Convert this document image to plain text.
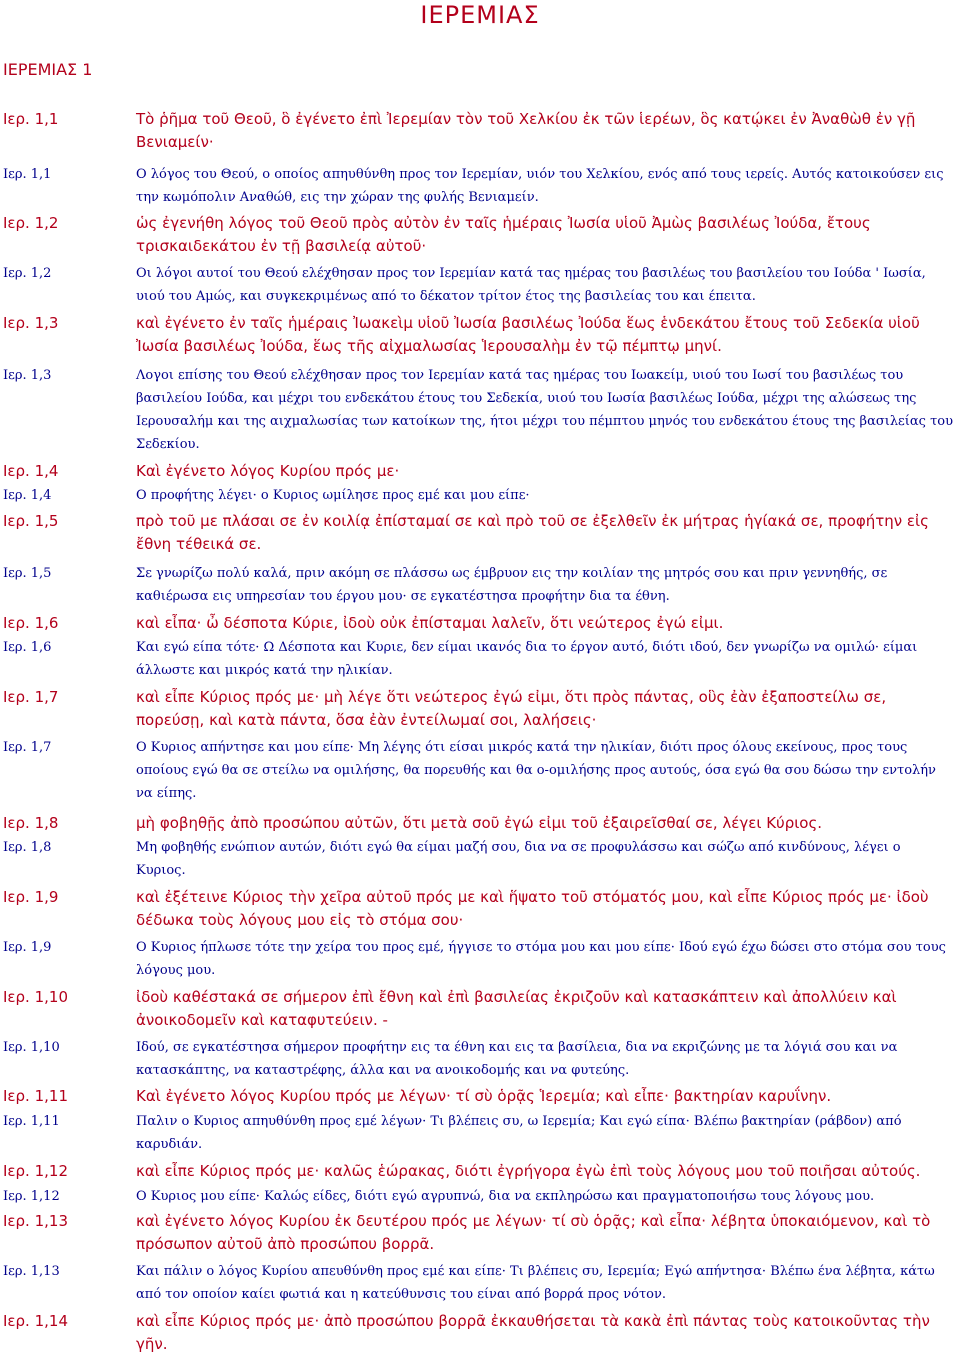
ΙΕΡΕΜΙΑΣ
ΙΕΡΕΜΙΑΣ 1
Ιερ. 1,1	Τὸ ῥῆμα τοῦ Θεοῦ, ὃ ἐγένετο ἐπὶ Ἰερεμίαν τὸν τοῦ Χελκίου ἐκ τῶν ἱερέων, ὃς κατῴκει ἐν Ἀναθὼθ ἐν γῇ Βενιαμείν·
Ιερ. 1,1	Ο λόγος του Θεού, ο οποίος απηυθύνθη προς τον Ιερεμίαν, υιόν του Χελκίου, ενός από τους ιερείς. Αυτός κατοικούσεν εις την κωμόπολιν Αναθώθ, εις την χώραν της φυλής Βενιαμείν.
Ιερ. 1,2	ὡς ἐγενήθη λόγος τοῦ Θεοῦ πρὸς αὐτὸν ἐν ταῖς ἡμέραις Ἰωσία υἱοῦ Ἀμὼς βασιλέως Ἰούδα, ἔτους τρισκαιδεκάτου ἐν τῇ βασιλείᾳ αὐτοῦ·
Ιερ. 1,2	Οι λόγοι αυτοί του Θεού ελέχθησαν προς τον Ιερεμίαν κατά τας ημέρας του βασιλέως του βασιλείου του Ιούδα ' Ιωσία, υιού του Αμώς, και συγκεκριμένως από το δέκατον τρίτον έτος της βασιλείας του και έπειτα.
Ιερ. 1,3	καὶ ἐγένετο ἐν ταῖς ἡμέραις Ἰωακεὶμ υἱοῦ Ἰωσία βασιλέως Ἰούδα ἕως ἑνδεκάτου ἔτους τοῦ Σεδεκία υἱοῦ Ἰωσία βασιλέως Ἰούδα, ἕως τῆς αἰχμαλωσίας Ἱερουσαλὴμ ἐν τῷ πέμπτῳ μηνί.
Ιερ. 1,3	Λογοι επίσης του Θεού ελέχθησαν προς τον Ιερεμίαν κατά τας ημέρας του Ιωακείμ, υιού του Ιωσί του βασιλέως του βασιλείου Ιούδα, και μέχρι του ενδεκάτου έτους του Σεδεκία, υιού του Ιωσία βασιλέως Ιούδα, μέχρι της αλώσεως της Ιερουσαλήμ και της αιχμαλωσίας των κατοίκων της, ήτοι μέχρι του πέμπτου μηνός του ενδεκάτου έτους της βασιλείας του Σεδεκίου.
Ιερ. 1,4	Καὶ ἐγένετο λόγος Κυρίου πρός με·
Ιερ. 1,4	Ο προφήτης λέγει· ο Κυριος ωμίλησε προς εμέ και μου είπε·
Ιερ. 1,5	πρὸ τοῦ με πλάσαι σε ἐν κοιλίᾳ ἐπίσταμαί σε καὶ πρὸ τοῦ σε ἐξελθεῖν ἐκ μήτρας ἡγίακά σε, προφήτην εἰς ἔθνη τέθεικά σε.
Ιερ. 1,5	Σε γνωρίζω πολύ καλά, πριν ακόμη σε πλάσσω ως έμβρυον εις την κοιλίαν της μητρός σου και πριν γεννηθής, σε καθιέρωσα εις υπηρεσίαν του έργου μου· σε εγκατέστησα προφήτην δια τα έθνη.
Ιερ. 1,6	καὶ εἶπα· ὦ δέσποτα Κύριε, ἰδοὺ οὐκ ἐπίσταμαι λαλεῖν, ὅτι νεώτερος ἐγώ εἰμι.
Ιερ. 1,6	Και εγώ είπα τότε· Ω Δέσποτα και Κυριε, δεν είμαι ικανός δια το έργον αυτό, διότι ιδού, δεν γνωρίζω να ομιλώ· είμαι άλλωστε και μικρός κατά την ηλικίαν.
Ιερ. 1,7	καὶ εἶπε Κύριος πρός με· μὴ λέγε ὅτι νεώτερος ἐγώ εἰμι, ὅτι πρὸς πάντας, οὓς ἐὰν ἐξαποστείλω σε, πορεύσῃ, καὶ κατὰ πάντα, ὅσα ἐὰν ἐντείλωμαί σοι, λαλήσεις·
Ιερ. 1,7	Ο Κυριος απήντησε και μου είπε· Μη λέγης ότι είσαι μικρός κατά την ηλικίαν, διότι προς όλους εκείνους, προς τους οποίους εγώ θα σε στείλω να ομιλήσης, θα πορευθής και θα ο-ομιλήσης προς αυτούς, όσα εγώ θα σου δώσω την εντολήν να είπης.
Ιερ. 1,8	μὴ φοβηθῇς ἀπὸ προσώπου αὐτῶν, ὅτι μετὰ σοῦ ἐγώ εἰμι τοῦ ἐξαιρεῖσθαί σε, λέγει Κύριος.
Ιερ. 1,8	Μη φοβηθής ενώπιον αυτών, διότι εγώ θα είμαι μαζή σου, δια να σε προφυλάσσω και σώζω από κινδύνους, λέγει ο Κυριος.
Ιερ. 1,9	καὶ ἐξέτεινε Κύριος τὴν χεῖρα αὐτοῦ πρός με καὶ ἥψατο τοῦ στόματός μου, καὶ εἶπε Κύριος πρός με· ἰδοὺ δέδωκα τοὺς λόγους μου εἰς τὸ στόμα σου·
Ιερ. 1,9	Ο Κυριος ήπλωσε τότε την χείρα του προς εμέ, ήγγισε το στόμα μου και μου είπε· Ιδού εγώ έχω δώσει στο στόμα σου τους λόγους μου.
Ιερ. 1,10	ἰδοὺ καθέστακά σε σήμερον ἐπὶ ἔθνη καὶ ἐπὶ βασιλείας ἐκριζοῦν καὶ κατασκάπτειν καὶ ἀπολλύειν καὶ ἀνοικοδομεῖν καὶ καταφυτεύειν. -
Ιερ. 1,10	Ιδού, σε εγκατέστησα σήμερον προφήτην εις τα έθνη και εις τα βασίλεια, δια να εκριζώνης με τα λόγιά σου και να κατασκάπτης, να καταστρέφης, άλλα και να ανοικοδομής και να φυτεύης.
Ιερ. 1,11	Καὶ ἐγένετο λόγος Κυρίου πρός με λέγων· τί σὺ ὁρᾷς Ἱερεμία; καὶ εἶπε· βακτηρίαν καρυΐνην.
Ιερ. 1,11	Παλιν ο Κυριος απηυθύνθη προς εμέ λέγων· Τι βλέπεις συ, ω Ιερεμία; Και εγώ είπα· Βλέπω βακτηρίαν (ράβδον) από καρυδιάν.
Ιερ. 1,12	καὶ εἶπε Κύριος πρός με· καλῶς ἑώρακας, διότι ἐγρήγορα ἐγὼ ἐπὶ τοὺς λόγους μου τοῦ ποιῆσαι αὐτούς.
Ιερ. 1,12	Ο Κυριος μου είπε· Καλώς είδες, διότι εγώ αγρυπνώ, δια να εκπληρώσω και πραγματοποιήσω τους λόγους μου.
Ιερ. 1,13	καὶ ἐγένετο λόγος Κυρίου ἐκ δευτέρου πρός με λέγων· τί σὺ ὁρᾷς; καὶ εἶπα· λέβητα ὑποκαιόμενον, καὶ τὸ πρόσωπον αὐτοῦ ἀπὸ προσώπου βορρᾶ.
Ιερ. 1,13	Και πάλιν ο λόγος Κυρίου απευθύνθη προς εμέ και είπε· Τι βλέπεις συ, Ιερεμία; Εγώ απήντησα· Βλέπω ένα λέβητα, κάτω από τον οποίον καίει φωτιά και η κατεύθυνσις του είναι από βορρά προς νότον.
Ιερ. 1,14	καὶ εἶπε Κύριος πρός με· ἀπὸ προσώπου βορρᾶ ἐκκαυθήσεται τὰ κακὰ ἐπὶ πάντας τοὺς κατοικοῦντας τὴν γῆν.
